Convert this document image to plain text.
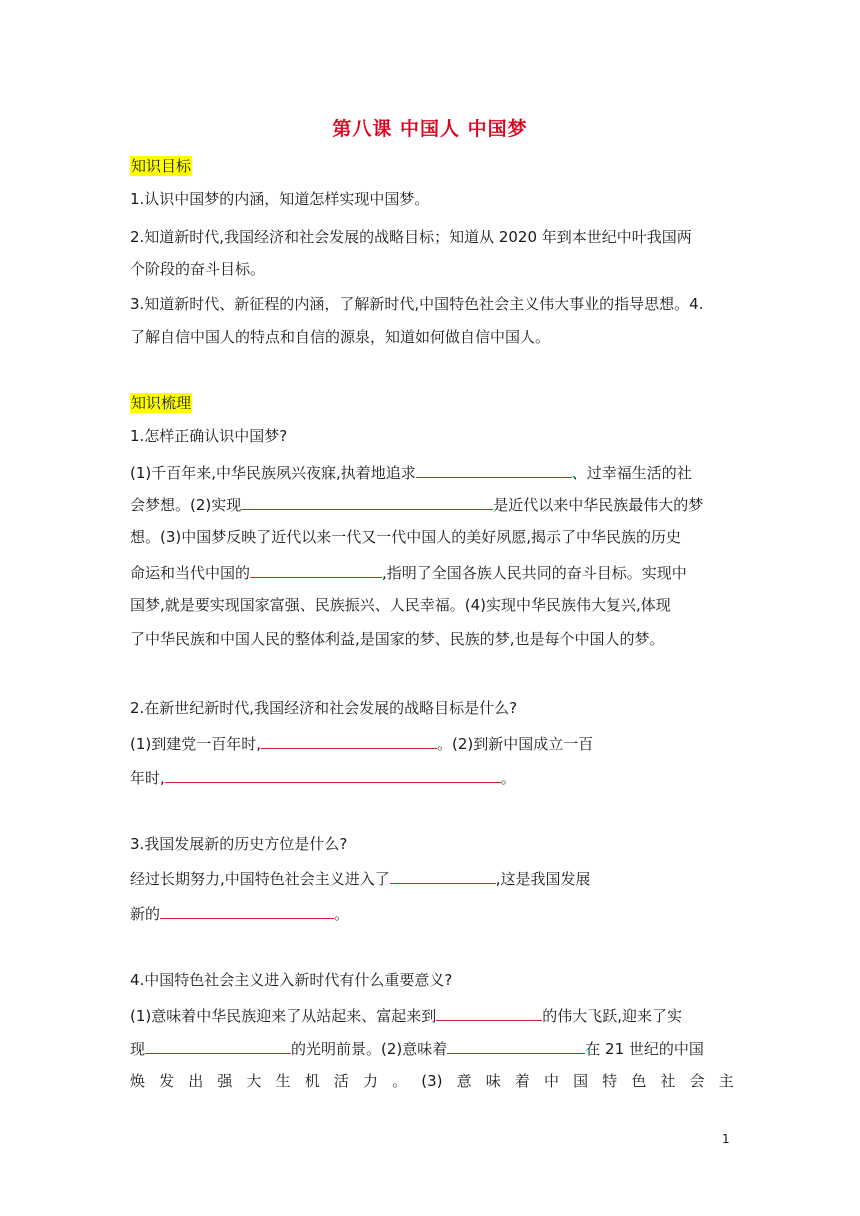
第八课 中国人 中国梦
知识目标
1.认识中国梦的内涵，知道怎样实现中国梦。
2.知道新时代,我国经济和社会发展的战略目标；知道从 2020 年到本世纪中叶我国两
个阶段的奋斗目标。
3.知道新时代、新征程的内涵，了解新时代,中国特色社会主义伟大事业的指导思想。4.
了解自信中国人的特点和自信的源泉，知道如何做自信中国人。
知识梳理
1.怎样正确认识中国梦?
(1)千百年来,中华民族夙兴夜寐,执着地追求	、过幸福生活的社
会梦想。(2)实现	是近代以来中华民族最伟大的梦
想。(3)中国梦反映了近代以来一代又一代中国人的美好夙愿,揭示了中华民族的历史
命运和当代中国的	,指明了全国各族人民共同的奋斗目标。实现中
国梦,就是要实现国家富强、民族振兴、人民幸福。(4)实现中华民族伟大复兴,体现
了中华民族和中国人民的整体利益,是国家的梦、民族的梦,也是每个中国人的梦。
2.在新世纪新时代,我国经济和社会发展的战略目标是什么?
(1)到建党一百年时,	。(2)到新中国成立一百
年时,	。
3.我国发展新的历史方位是什么?
经过长期努力,中国特色社会主义进入了	,这是我国发展
新的	。
4.中国特色社会主义进入新时代有什么重要意义?
(1)意味着中华民族迎来了从站起来、富起来到	的伟大飞跃,迎来了实
现	的光明前景。(2)意味着	在 21 世纪的中国
焕 发 出 强 大 生 机 活 力 。 (3) 意 味 着 中 国 特 色 社 会 主
1
